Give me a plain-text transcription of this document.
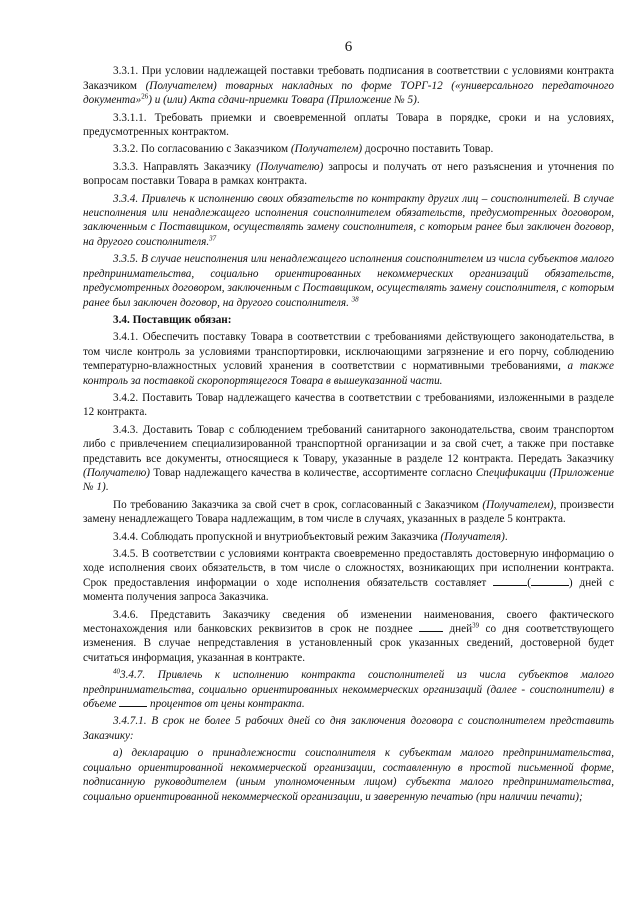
6

3.3.1. При условии надлежащей поставки требовать подписания в соответствии с условиями контракта Заказчиком (Получателем) товарных накладных по форме ТОРГ-12 («универсального передаточного документа»$^{26}$) и (или) Акта сдачи-приемки Товара (Приложение № 5).

3.3.1.1. Требовать приемки и своевременной оплаты Товара в порядке, сроки и на условиях, предусмотренных контрактом.

3.3.2. По согласованию с Заказчиком (Получателем) досрочно поставить Товар.

3.3.3. Направлять Заказчику (Получателю) запросы и получать от него разъяснения и уточнения по вопросам поставки Товара в рамках контракта.

3.3.4. Привлечь к исполнению своих обязательств по контракту других лиц – соисполнителей. В случае неисполнения или ненадлежащего исполнения соисполнителем обязательств, предусмотренных договором, заключенным с Поставщиком, осуществлять замену соисполнителя, с которым ранее был заключен договор, на другого соисполнителя.$^{37}$

3.3.5. В случае неисполнения или ненадлежащего исполнения соисполнителем из числа субъектов малого предпринимательства, социально ориентированных некоммерческих организаций обязательств, предусмотренных договором, заключенным с Поставщиком, осуществлять замену соисполнителя, с которым ранее был заключен договор, на другого соисполнителя. $^{38}$

3.4. Поставщик обязан:

3.4.1. Обеспечить поставку Товара в соответствии с требованиями действующего законодательства, в том числе контроль за условиями транспортировки, исключающими загрязнение и его порчу, соблюдению температурно-влажностных условий хранения в соответствии с нормативными требованиями, а также контроль за поставкой скоропортящегося Товара в вышеуказанной части.

3.4.2. Поставить Товар надлежащего качества в соответствии с требованиями, изложенными в разделе 12 контракта.

3.4.3. Доставить Товар с соблюдением требований санитарного законодательства, своим транспортом либо с привлечением специализированной транспортной организации и за свой счет, а также при поставке представить все документы, относящиеся к Товару, указанные в разделе 12 контракта. Передать Заказчику (Получателю) Товар надлежащего качества в количестве, ассортименте согласно Спецификации (Приложение № 1).

По требованию Заказчика за свой счет в срок, согласованный с Заказчиком (Получателем), произвести замену ненадлежащего Товара надлежащим, в том числе в случаях, указанных в разделе 5 контракта.

3.4.4. Соблюдать пропускной и внутриобъектовый режим Заказчика (Получателя).

3.4.5. В соответствии с условиями контракта своевременно предоставлять достоверную информацию о ходе исполнения своих обязательств, в том числе о сложностях, возникающих при исполнении контракта. Срок предоставления информации о ходе исполнения обязательств составляет	(	) дней с момента получения запроса Заказчика.

3.4.6. Представить Заказчику сведения об изменении наименования, своего фактического местонахождения или банковских реквизитов в срок не позднее  дней$^{39}$ со дня соответствующего изменения. В случае непредставления в установленный срок указанных сведений, достоверной будет считаться информация, указанная в контракте.

$^{40}$3.4.7. Привлечь к исполнению контракта соисполнителей из числа субъектов малого предпринимательства, социально ориентированных некоммерческих организаций (далее - соисполнители) в объеме	процентов от цены контракта.

3.4.7.1. В срок не более 5 рабочих дней со дня заключения договора с соисполнителем представить Заказчику:

а) декларацию о принадлежности соисполнителя к субъектам малого предпринимательства, социально ориентированной некоммерческой организации, составленную в простой письменной форме, подписанную руководителем (иным уполномоченным лицом) субъекта малого предпринимательства, социально ориентированной некоммерческой организации, и заверенную печатью (при наличии печати);
